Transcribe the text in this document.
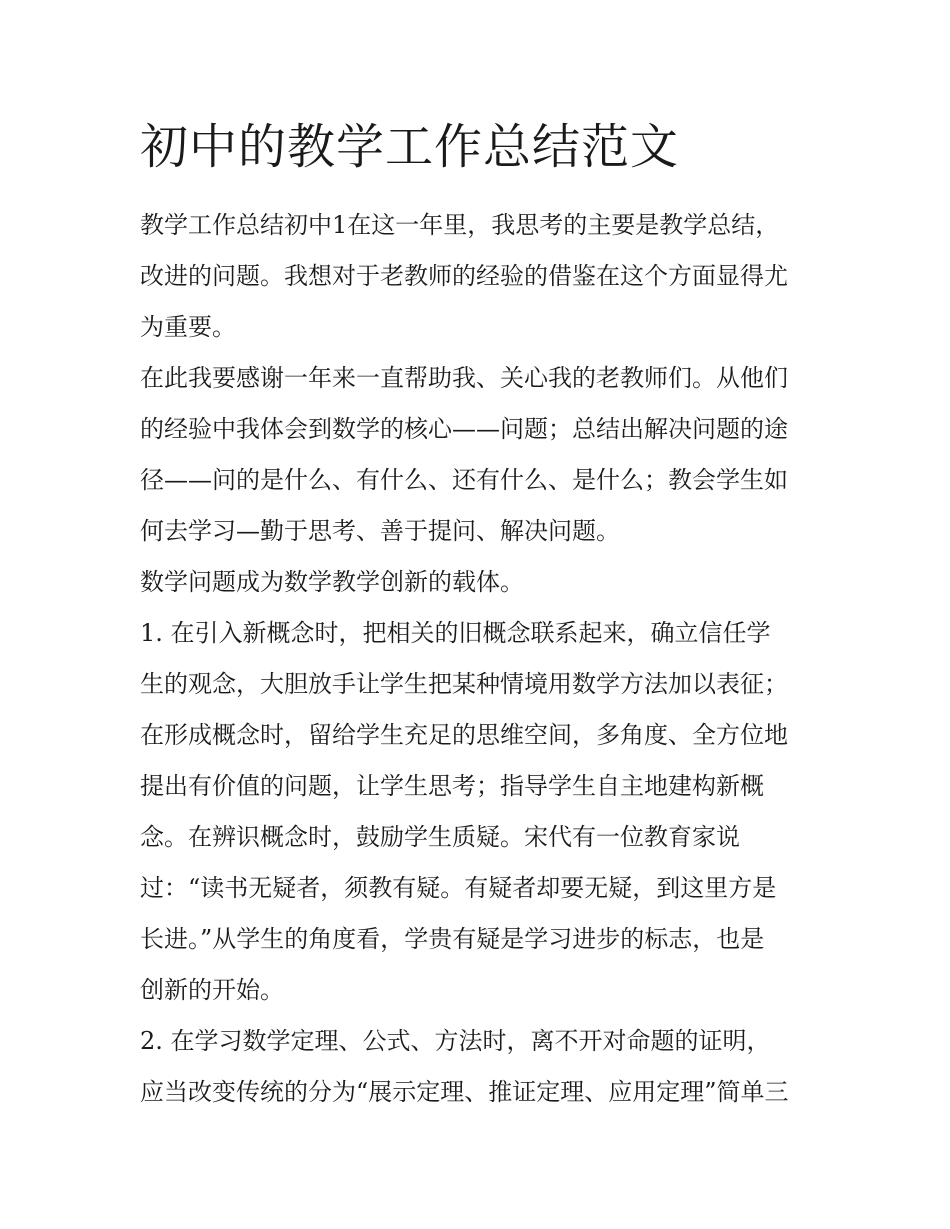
初中的教学工作总结范文
教学工作总结初中1在这一年里，我思考的主要是教学总结，
改进的问题。我想对于老教师的经验的借鉴在这个方面显得尤
为重要。
在此我要感谢一年来一直帮助我、关心我的老教师们。从他们
的经验中我体会到数学的核心——问题；总结出解决问题的途
径——问的是什么、有什么、还有什么、是什么；教会学生如
何去学习—勤于思考、善于提问、解决问题。
数学问题成为数学教学创新的载体。
1. 在引入新概念时，把相关的旧概念联系起来，确立信任学
生的观念，大胆放手让学生把某种情境用数学方法加以表征；
在形成概念时，留给学生充足的思维空间，多角度、全方位地
提出有价值的问题，让学生思考；指导学生自主地建构新概
念。在辨识概念时，鼓励学生质疑。宋代有一位教育家说
过：“读书无疑者，须教有疑。有疑者却要无疑，到这里方是
长进。”从学生的角度看，学贵有疑是学习进步的标志，也是
创新的开始。
2. 在学习数学定理、公式、方法时，离不开对命题的证明，
应当改变传统的分为“展示定理、推证定理、应用定理”简单三
